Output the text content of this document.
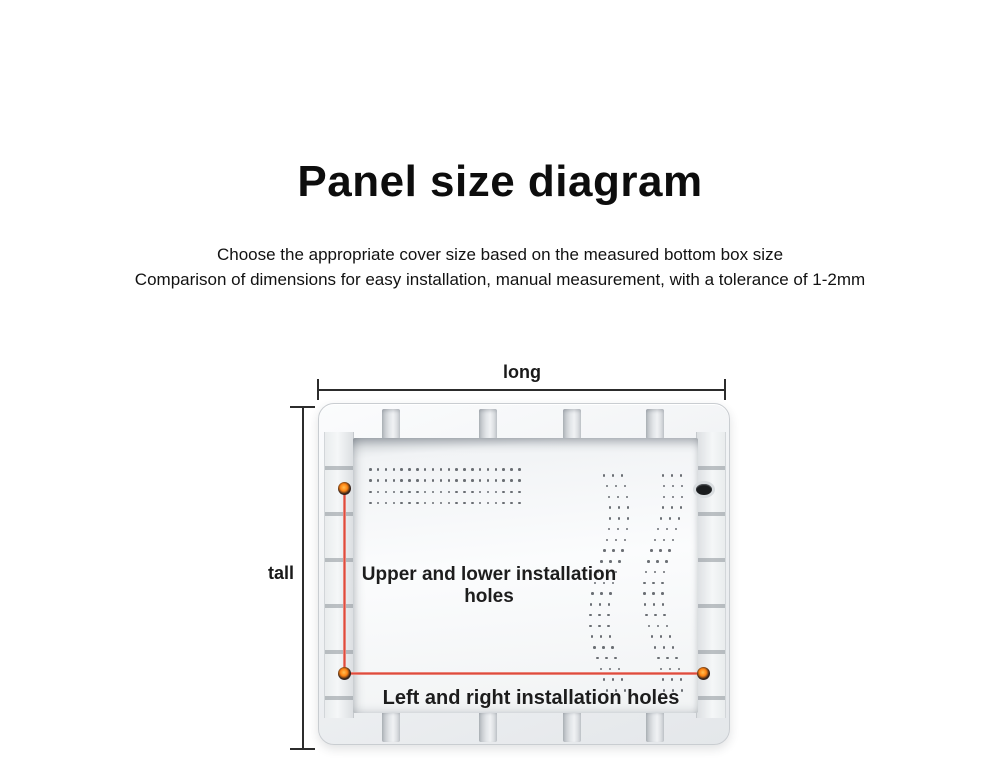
Panel size diagram

Choose the appropriate cover size based on the measured bottom box size

Comparison of dimensions for easy installation, manual measurement, with a tolerance of 1-2mm

long
tall	Upper and lower installation holes
Left and right installation holes
